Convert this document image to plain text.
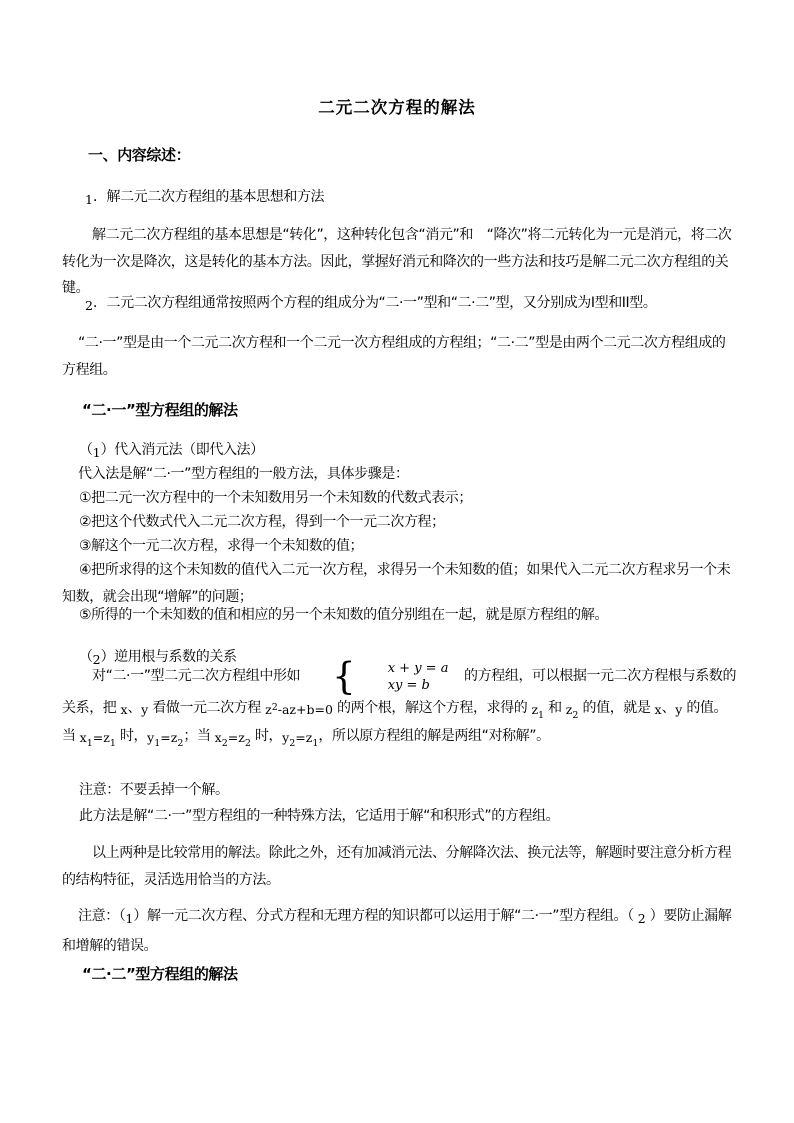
二元二次方程的解法
一、内容综述：
1．解二元二次方程组的基本思想和方法
解二元二次方程组的基本思想是“转化”，这种转化包含“消元”和　“降次”将二元转化为一元是消元，将二次转化为一次是降次，这是转化的基本方法。因此，掌握好消元和降次的一些方法和技巧是解二元二次方程组的关键。
2．二元二次方程组通常按照两个方程的组成分为“二·一”型和“二·二”型，又分别成为I型和II型。
“二·一”型是由一个二元二次方程和一个二元一次方程组成的方程组；“二·二”型是由两个二元二次方程组成的方程组。
“二·一”型方程组的解法
（1）代入消元法（即代入法）
代入法是解“二·一”型方程组的一般方法，具体步骤是：
①把二元一次方程中的一个未知数用另一个未知数的代数式表示；
②把这个代数式代入二元二次方程，得到一个一元二次方程；
③解这个一元二次方程，求得一个未知数的值；
④把所求得的这个未知数的值代入二元一次方程，求得另一个未知数的值；如果代入二元二次方程求另一个未知数，就会出现“增解”的问题；
⑤所得的一个未知数的值和相应的另一个未知数的值分别组在一起，就是原方程组的解。
（2）逆用根与系数的关系
对“二·一”型二元二次方程组中形如 {	x + y = a
xy = b
　的方程组，可以根据一元二次方程根与系数的关系，把 x、y 看做一元二次方程 $z^2-az+b=0$ 的两个根，解这个方程，求得的 $z_1$ 和 $z_2$ 的值，就是 x、y 的值。当 $x_1=z_1$ 时，$y_1=z_2$；当 $x_2=z_2$ 时，$y_2=z_1$，所以原方程组的解是两组“对称解”。
注意：不要丢掉一个解。
此方法是解“二·一”型方程组的一种特殊方法，它适用于解“和积形式”的方程组。
以上两种是比较常用的解法。除此之外，还有加减消元法、分解降次法、换元法等，解题时要注意分析方程的结构特征，灵活选用恰当的方法。
注意：（1）解一元二次方程、分式方程和无理方程的知识都可以运用于解“二·一”型方程组。（ 2 ）要防止漏解和增解的错误。
“二·二”型方程组的解法
